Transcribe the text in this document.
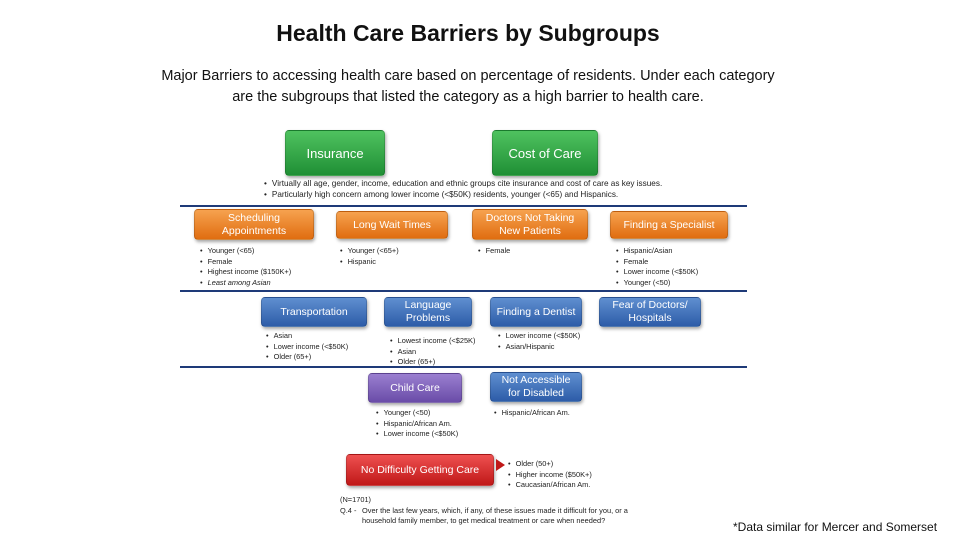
Health Care Barriers by Subgroups
Major Barriers to accessing health care based on percentage of residents. Under each category are the subgroups that listed the category as a high barrier to health care.
Insurance	Cost of Care
• Virtually all age, gender, income, education and ethnic groups cite insurance and cost of care as key issues.
• Particularly high concern among lower income (<$50K) residents, younger (<65) and Hispanics.
Scheduling Appointments	Long Wait Times
Doctors Not Taking New Patients	Finding a Specialist
• Younger (<65)
• Female
• Highest income ($150K+)
• Least among Asian
• Younger (<65+)
• Hispanic
• Female	• Hispanic/Asian
• Female
• Lower income (<$50K)
• Younger (<50)
Transportation
Language Problems
Finding a Dentist
Fear of Doctors/ Hospitals
• Asian
• Lower income (<$50K)
• Older (65+)
• Lowest income (<$25K)
• Asian
• Older (65+)
• Lower income (<$50K)
• Asian/Hispanic
Child Care
Not Accessible for Disabled
• Younger (<50)
• Hispanic/African Am.
• Lower income (<$50K)
• Hispanic/African Am.
No Difficulty Getting Care	• Older (50+)
• Higher income ($50K+)
• Caucasian/African Am.
(N=1701)
Q.4 - Over the last few years, which, if any, of these issues made it difficult for you, or a household family member, to get medical treatment or care when needed?	*Data similar for Mercer and Somerset
